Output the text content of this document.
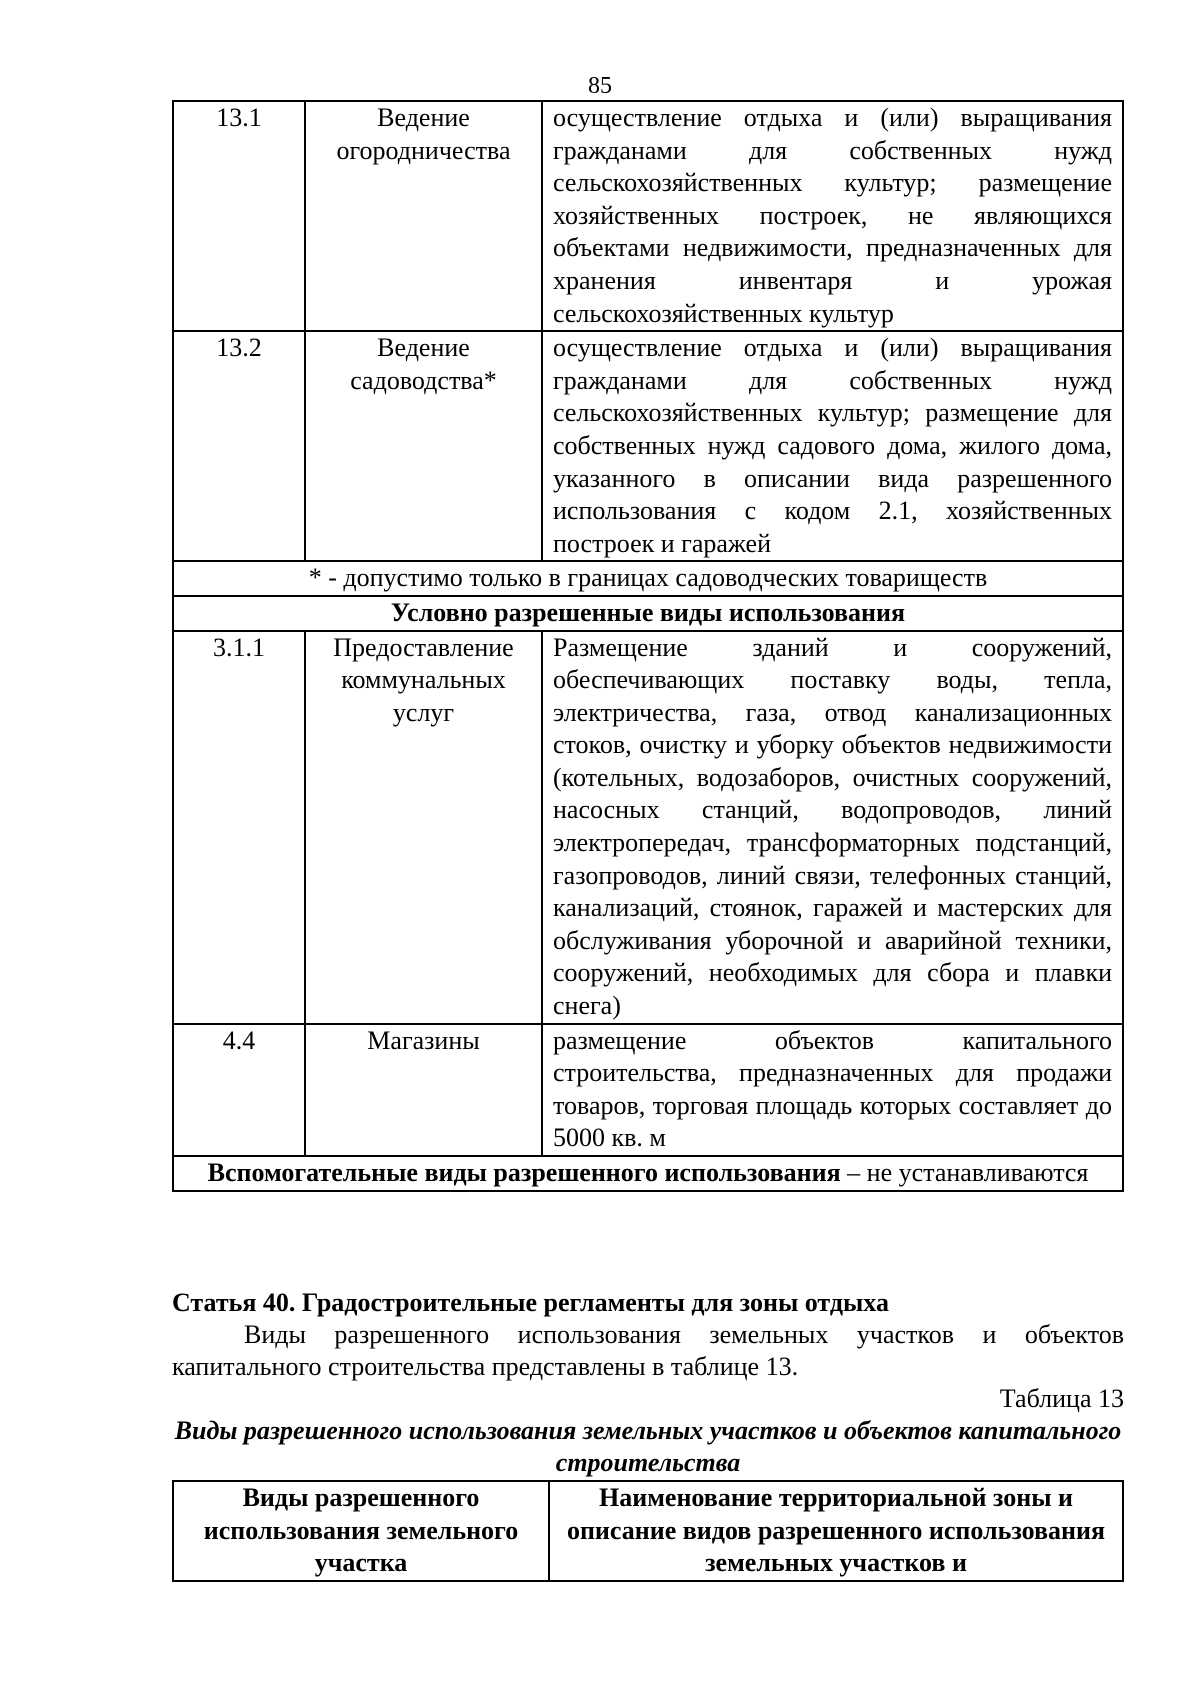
85
13.1	Ведение огородничества	осуществление отдыха и (или) выращивания гражданами для собственных нужд сельскохозяйственных культур; размещение хозяйственных построек, не являющихся объектами недвижимости, предназначенных для хранения инвентаря и урожая сельскохозяйственных культур
13.2	Ведение садоводства*	осуществление отдыха и (или) выращивания гражданами для собственных нужд сельскохозяйственных культур; размещение для собственных нужд садового дома, жилого дома, указанного в описании вида разрешенного использования с кодом 2.1, хозяйственных построек и гаражей
* - допустимо только в границах садоводческих товариществ		
Условно разрешенные виды использования		
3.1.1	Предоставление коммунальных услуг	Размещение зданий и сооружений, обеспечивающих поставку воды, тепла, электричества, газа, отвод канализационных стоков, очистку и уборку объектов недвижимости (котельных, водозаборов, очистных сооружений, насосных станций, водопроводов, линий электропередач, трансформаторных подстанций, газопроводов, линий связи, телефонных станций, канализаций, стоянок, гаражей и мастерских для обслуживания уборочной и аварийной техники, сооружений, необходимых для сбора и плавки снега)
4.4	Магазины	размещение объектов капитального строительства, предназначенных для продажи товаров, торговая площадь которых составляет до 5000 кв. м
Вспомогательные виды разрешенного использования – не устанавливаются		
Статья 40. Градостроительные регламенты для зоны отдыха

Виды разрешенного использования земельных участков и объектов капитального строительства представлены в таблице 13.

Таблица 13
Виды разрешенного использования земельных участков и объектов капитального строительства
Виды разрешенного использования земельного участка	Наименование территориальной зоны и описание видов разрешенного использования земельных участков и
